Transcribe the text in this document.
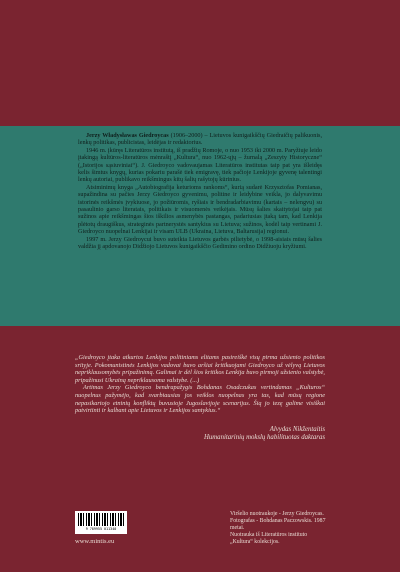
Jerzy Władysławas Giedroycas (1906–2000) – Lietuvos kunigaikščių Giedraičių palikuonis, lenkų politikas, publicistas, leidėjas ir redaktorius.

1946 m. įkūręs Literatūros institutą, iš pradžių Romoje, o nuo 1953 iki 2000 m. Paryžiuje leido įtakingą kultūros-literatūros mėnraštį „Kultura“, nuo 1962-ųjų – žurnalą „Zeszyty Historyczne“ („Istorijos sąsiuviniai“). J. Giedroyco vadovaujamas Literatūros institutas taip pat yra išleidęs kelis šimtus knygų, kurias pokariu parašė tiek emigravę, tiek pačioje Lenkijoje gyvenę talentingi lenkų autoriai, publikavo reikšmingus kitų šalių rašytojų kūrinius.

Atsiminimų knyga „Autobiografija keturioms rankoms“, kurią sudarė Krzysztofas Pomianas, supažindina su pačies Jerzy Giedroyco gyvenimu, politine ir leidybine veikla, jo dalyvavimu istorinės reikšmės įvykiuose, jo požiūromis, ryšiais ir bendradarbiavimu (kartais – nelengvu) su pasaulinio garso literatais, politikais ir visuomenės veikėjais. Mūsų šalies skaitytojai taip pat sužinos apie reikšmingas šios iškilios asmenybės pastangas, padariusias įtaką tam, kad Lenkija plėtotų draugiškus, strateginės partnerystės santykius su Lietuva; sužinos, kodėl taip vertinami J. Giedroyco nuopelnai Lenkijai ir visam ULB (Ukraina, Lietuva, Baltarusija) regionui.

1997 m. Jerzy Giedroycui buvo suteikta Lietuvos garbės pilietybė, o 1998-aisiais mūsų šalies valdžia jį apdovanojo Didžiojo Lietuvos kunigaikščio Gedimino ordino Didžiuoju kryžiumi.

„Giedroyco įtaka atkurtos Lenkijos politiniams elitams pasireiškė visų pirma užsienio politikos srityje. Pokomunistinės Lenkijos vadovai buvo aršiai kritikuojami Giedroyco už vėlyvą Lietuvos nepriklausomybės pripažinimą. Galimai ir dėl šios kritikos Lenkija buvo pirmoji užsienio valstybė, pripažinusi Ukrainą nepriklausoma valstybe. (...)

Artimas Jerzy Giedroyco bendrapažygis Bohdanas Osadczukas vertindamas „Kulturos“ nuopelnus pažymėjo, kad svarbiausias jos veiklos nuopelnas yra tas, kad mūsų regione nepasikartojo etninių konfliktų buvusioje Jugoslavijoje scenarijus. Šią jo tezę galime visiškai patvirtinti ir kalbant apie Lietuvos ir Lenkijos santykius.“

Alvydas Nikžentaitis
Humanitarinių mokslų habilituotas daktaras
9 789955 011340
www.mintis.eu
Viršelio nuotraukoje - Jerzy Giedroycas.
Fotografas - Bohdanas Paczowskis. 1987 metai.
Nuotrauka iš Literatūros instituto „Kultura“ kolekcijos.
